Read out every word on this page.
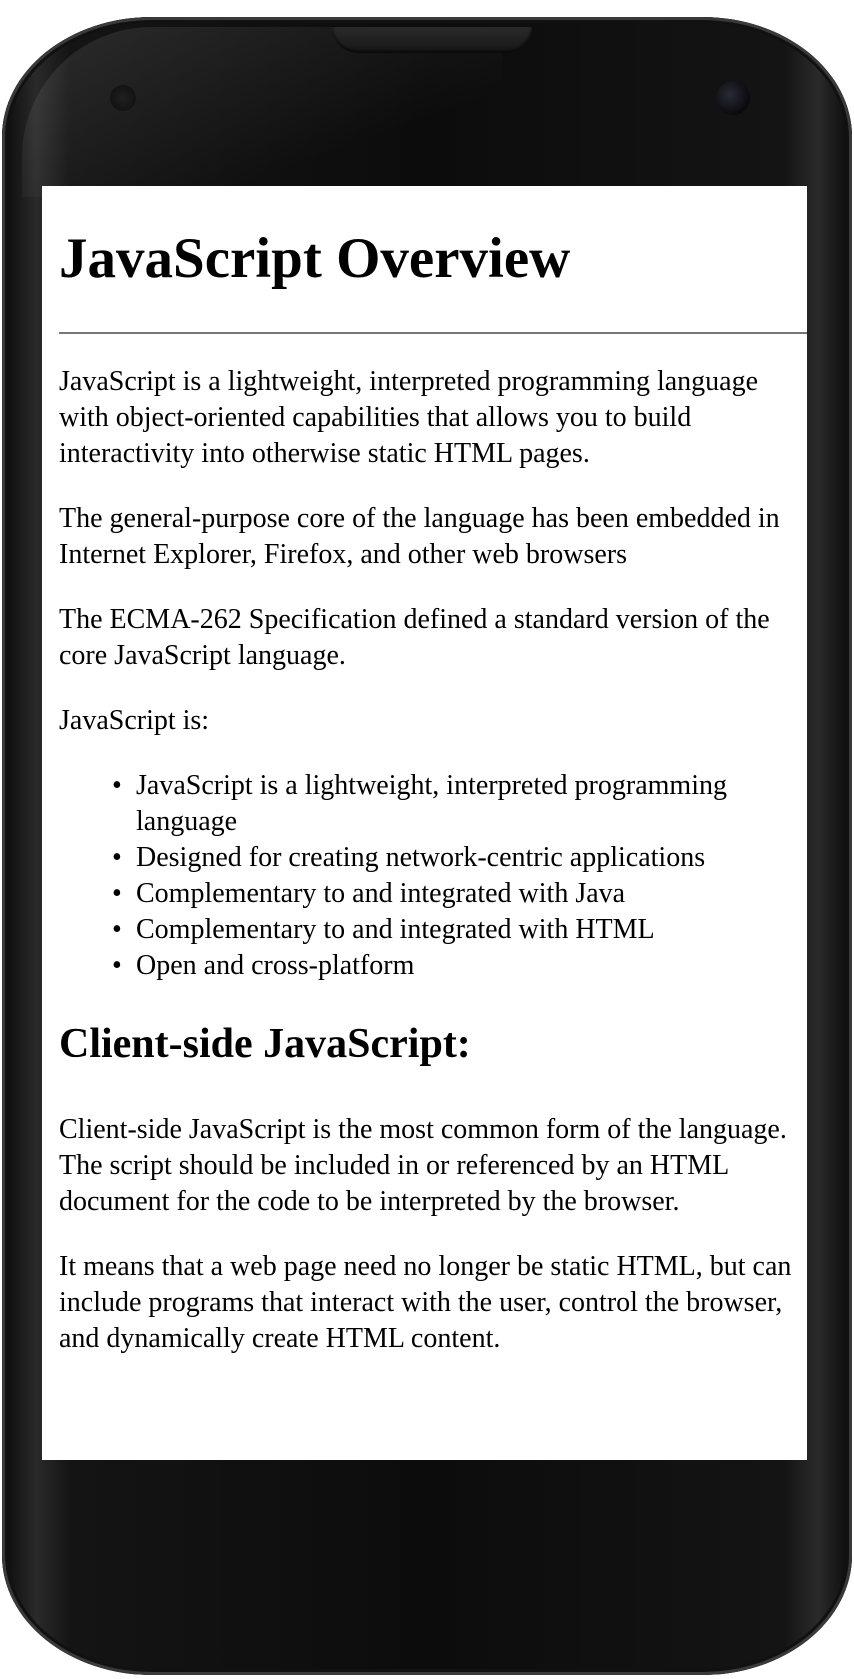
JavaScript Overview

JavaScript is a lightweight, interpreted programming language with object-oriented capabilities that allows you to build interactivity into otherwise static HTML pages.

The general-purpose core of the language has been embedded in Internet Explorer, Firefox, and other web browsers

The ECMA-262 Specification defined a standard version of the core JavaScript language.

JavaScript is:

• JavaScript is a lightweight, interpreted programming language
• Designed for creating network-centric applications
• Complementary to and integrated with Java
• Complementary to and integrated with HTML
• Open and cross-platform
Client-side JavaScript:

Client-side JavaScript is the most common form of the language. The script should be included in or referenced by an HTML document for the code to be interpreted by the browser.

It means that a web page need no longer be static HTML, but can include programs that interact with the user, control the browser, and dynamically create HTML content.
